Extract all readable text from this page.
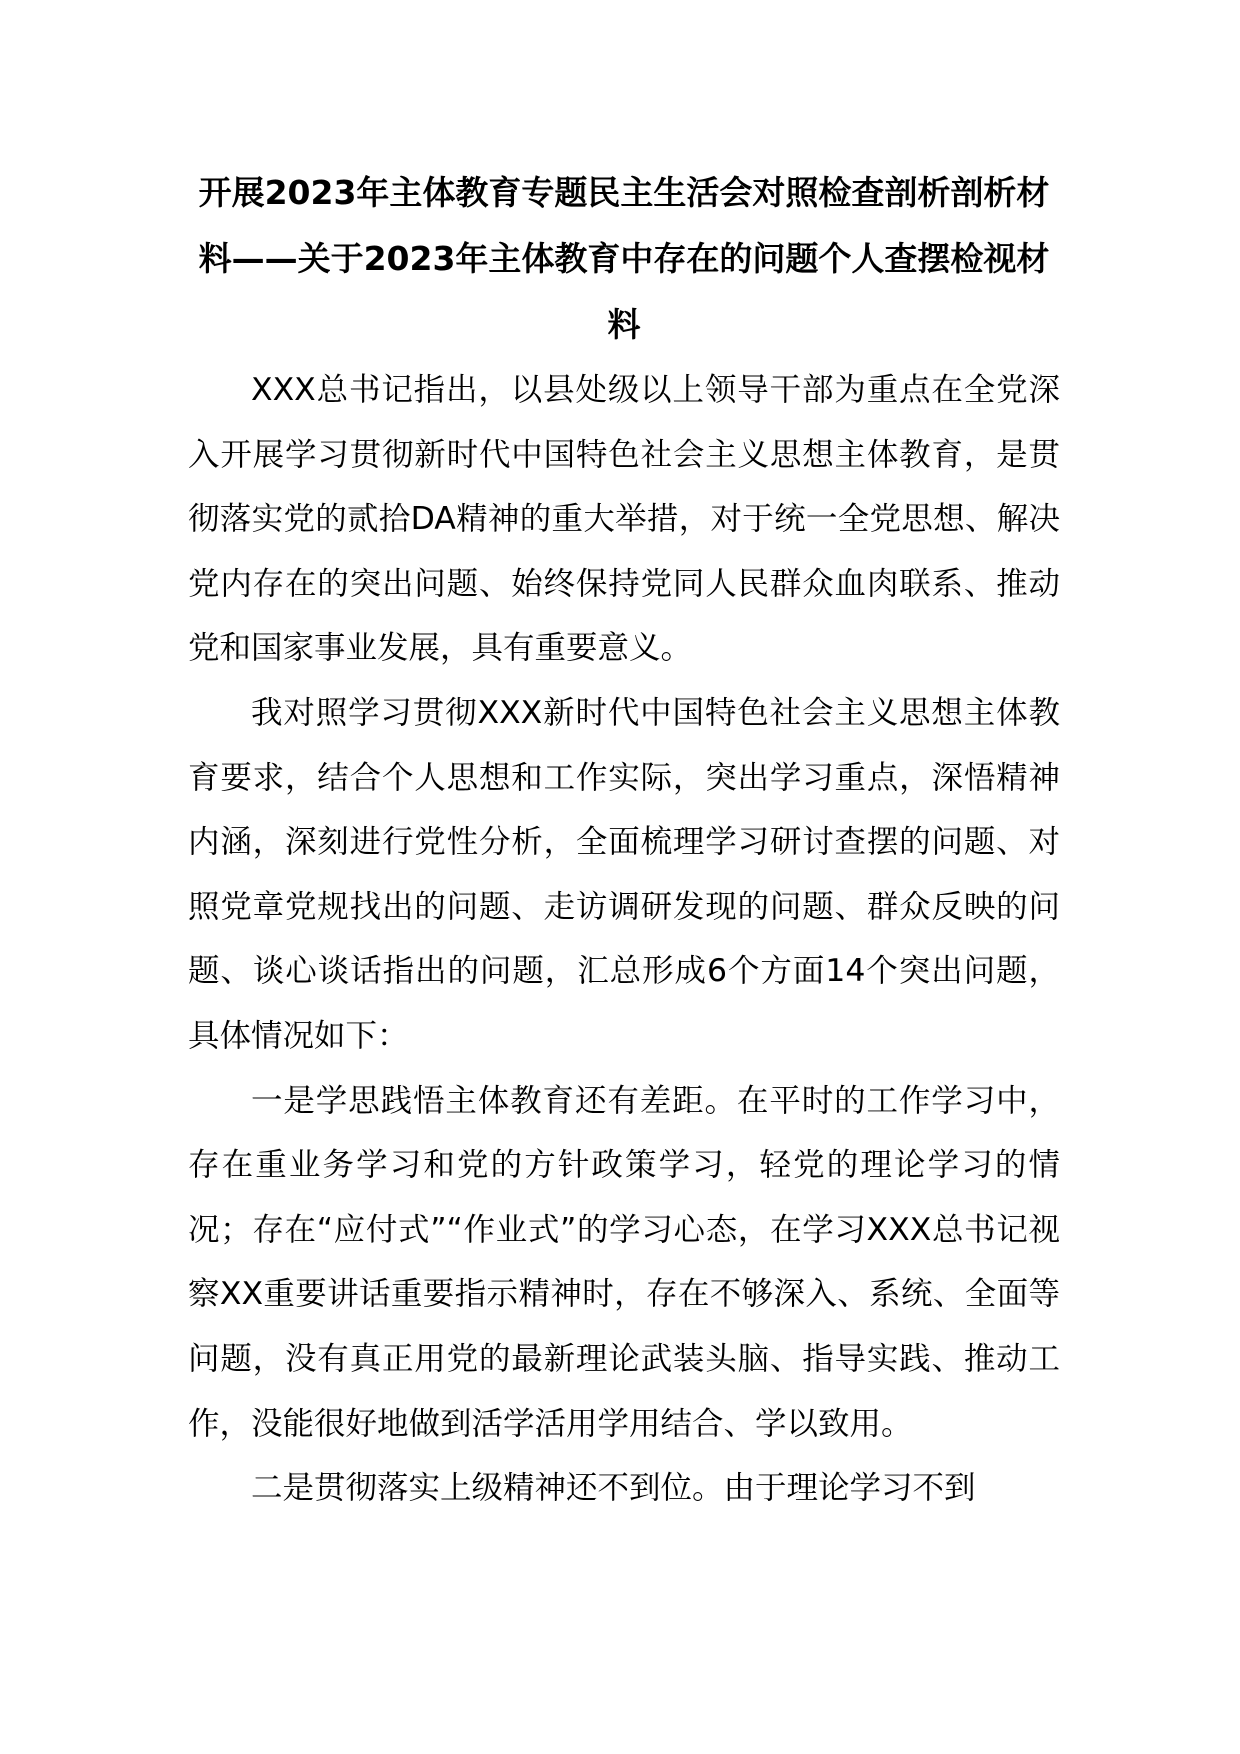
开展2023年主体教育专题民主生活会对照检查剖析剖析材料——关于2023年主体教育中存在的问题个人查摆检视材料

XXX总书记指出，以县处级以上领导干部为重点在全党深入开展学习贯彻新时代中国特色社会主义思想主体教育，是贯彻落实党的贰拾DA精神的重大举措，对于统一全党思想、解决党内存在的突出问题、始终保持党同人民群众血肉联系、推动党和国家事业发展，具有重要意义。

我对照学习贯彻XXX新时代中国特色社会主义思想主体教育要求，结合个人思想和工作实际，突出学习重点，深悟精神内涵，深刻进行党性分析，全面梳理学习研讨查摆的问题、对照党章党规找出的问题、走访调研发现的问题、群众反映的问题、谈心谈话指出的问题，汇总形成6个方面14个突出问题，具体情况如下：

一是学思践悟主体教育还有差距。在平时的工作学习中，存在重业务学习和党的方针政策学习，轻党的理论学习的情况；存在“应付式”“作业式”的学习心态，在学习XXX总书记视察XX重要讲话重要指示精神时，存在不够深入、系统、全面等问题，没有真正用党的最新理论武装头脑、指导实践、推动工作，没能很好地做到活学活用学用结合、学以致用。

二是贯彻落实上级精神还不到位。由于理论学习不到
